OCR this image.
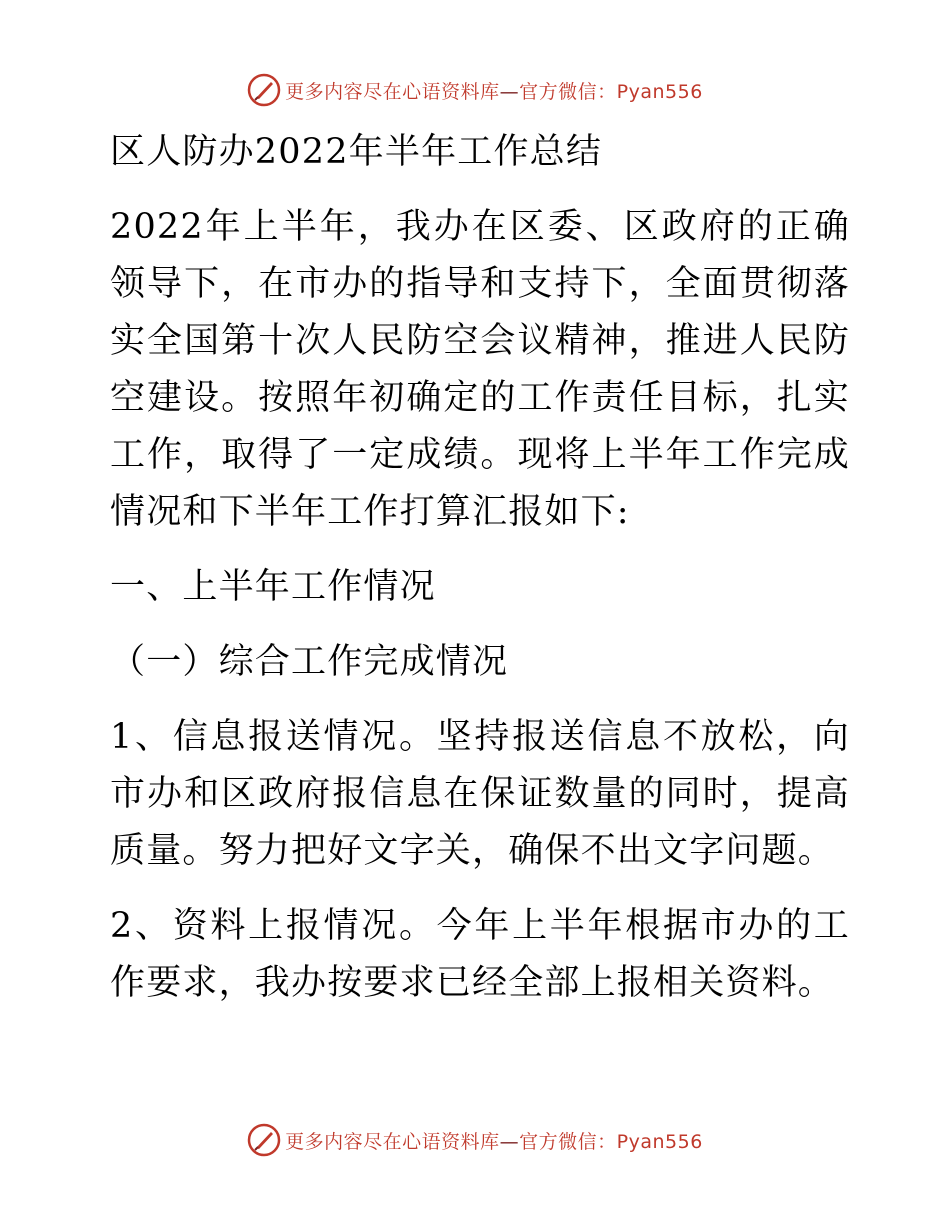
更多内容尽在心语资料库—官方微信：Pyan556

区人防办2022年半年工作总结

2022年上半年，我办在区委、区政府的正确领导下，在市办的指导和支持下，全面贯彻落实全国第十次人民防空会议精神，推进人民防空建设。按照年初确定的工作责任目标，扎实工作，取得了一定成绩。现将上半年工作完成情况和下半年工作打算汇报如下:

一、上半年工作情况

（一）综合工作完成情况

1、信息报送情况。坚持报送信息不放松，向市办和区政府报信息在保证数量的同时，提高质量。努力把好文字关，确保不出文字问题。

2、资料上报情况。今年上半年根据市办的工作要求，我办按要求已经全部上报相关资料。

更多内容尽在心语资料库—官方微信：Pyan556
